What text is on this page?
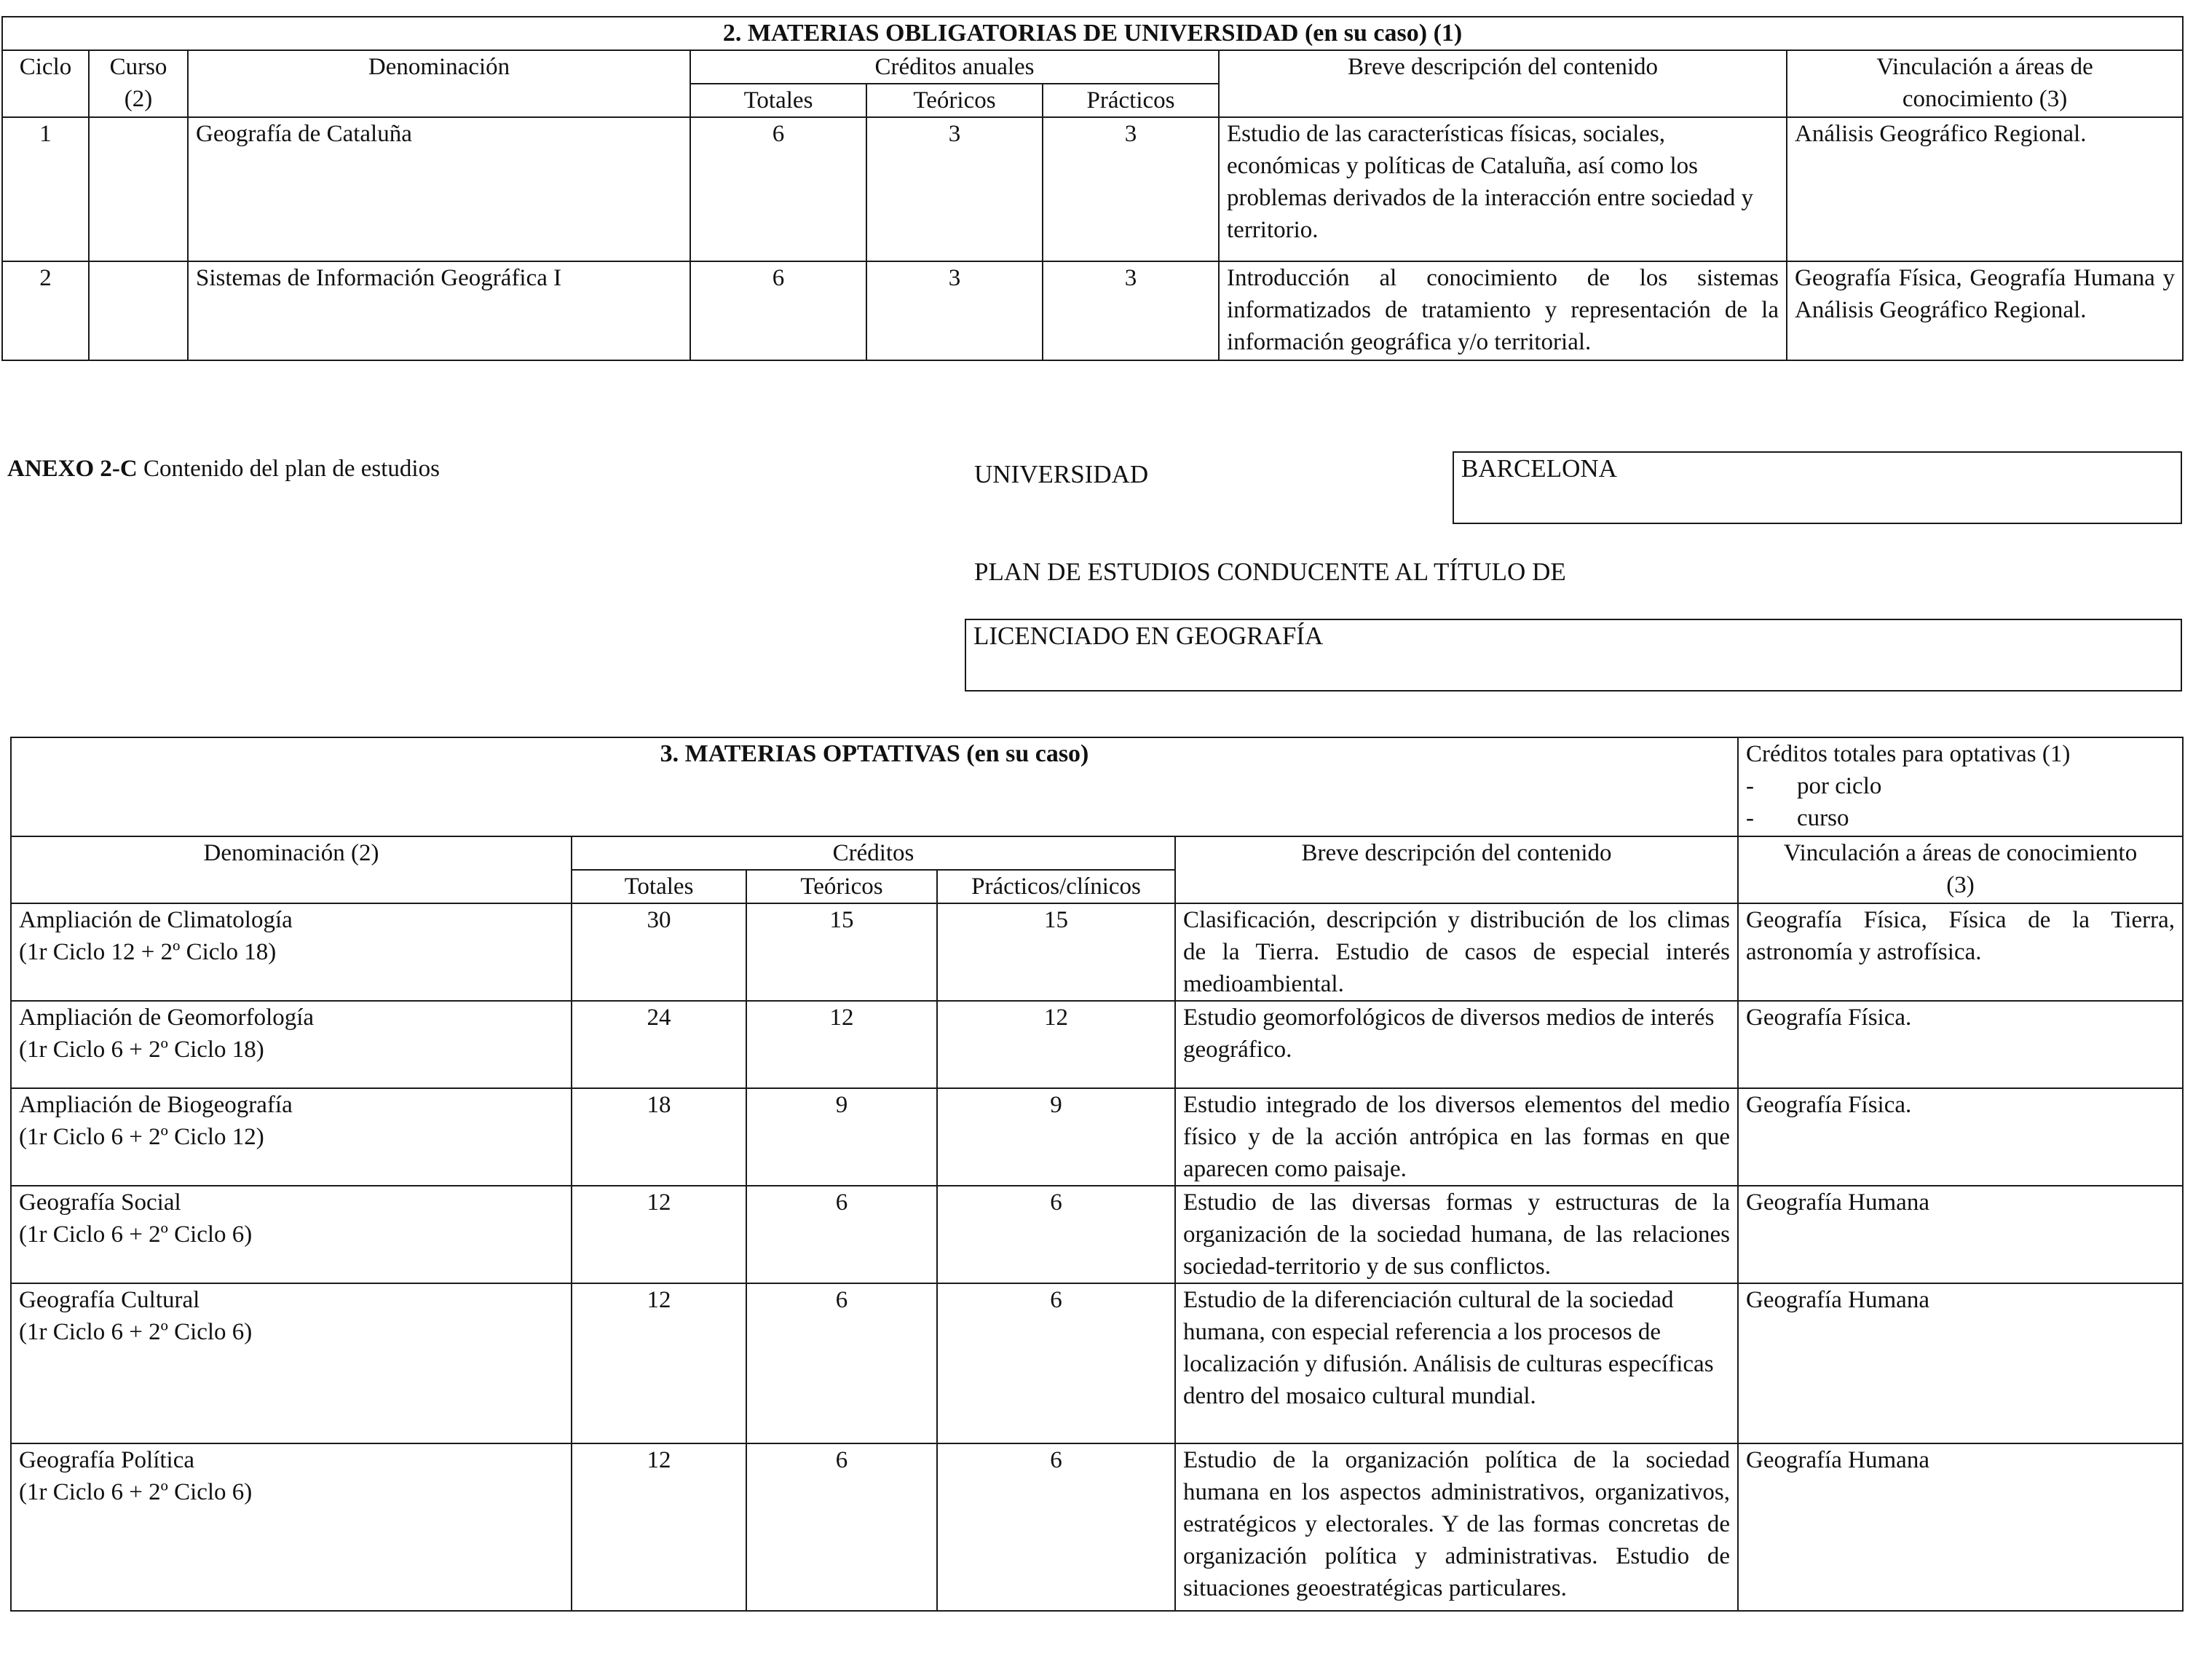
2. MATERIAS OBLIGATORIAS DE UNIVERSIDAD (en su caso) (1)							
Ciclo	Curso
(2)	Denominación	Créditos anuales			Breve descripción del contenido	Vinculación a áreas de
conocimiento (3)

			Totales	Teóricos	Prácticos		
1		Geografía de Cataluña	6	3	3	Estudio de las características físicas, sociales, económicas y políticas de Cataluña, así como los problemas derivados de la interacción entre sociedad y territorio.	Análisis Geográfico Regional.
2		Sistemas de Información Geográfica I	6	3	3	Introducción al conocimiento de los sistemas informatizados de tratamiento y representación de la información geográfica y/o territorial.	Geografía Física, Geografía Humana y Análisis Geográfico Regional.
ANEXO 2-C Contenido del plan de estudios	UNIVERSIDAD	BARCELONA
PLAN DE ESTUDIOS CONDUCENTE AL TÍTULO DE
LICENCIADO EN GEOGRAFÍA
3. MATERIAS OPTATIVAS (en su caso)					Créditos totales para optativas (1)
- por ciclo
- curso

Denominación (2)	Créditos			Breve descripción del contenido	Vinculación a áreas de conocimiento
(3)

	Totales	Teóricos	Prácticos/clínicos		

Ampliación de Climatología
(1r Ciclo 12 + 2º Ciclo 18)	30	15	15	Clasificación, descripción y distribución de los climas de la Tierra. Estudio de casos de especial interés medioambiental.	Geografía Física, Física de la Tierra, astronomía y astrofísica.

Ampliación de Geomorfología
(1r Ciclo 6 + 2º Ciclo 18)	24	12	12	Estudio geomorfológicos de diversos medios de interés geográfico.	Geografía Física.

Ampliación de Biogeografía
(1r Ciclo 6 + 2º Ciclo 12)	18	9	9	Estudio integrado de los diversos elementos del medio físico y de la acción antrópica en las formas en que aparecen como paisaje.	Geografía Física.

Geografía Social
(1r Ciclo 6 + 2º Ciclo 6)	12	6	6	Estudio de las diversas formas y estructuras de la organización de la sociedad humana, de las relaciones sociedad-territorio y de sus conflictos.	Geografía Humana

Geografía Cultural
(1r Ciclo 6 + 2º Ciclo 6)	12	6	6	Estudio de la diferenciación cultural de la sociedad humana, con especial referencia a los procesos de localización y difusión. Análisis de culturas específicas dentro del mosaico cultural mundial.	Geografía Humana

Geografía Política
(1r Ciclo 6 + 2º Ciclo 6)	12	6	6	Estudio de la organización política de la sociedad humana en los aspectos administrativos, organizativos, estratégicos y electorales. Y de las formas concretas de organización política y administrativas. Estudio de situaciones geoestratégicas particulares.	Geografía Humana
